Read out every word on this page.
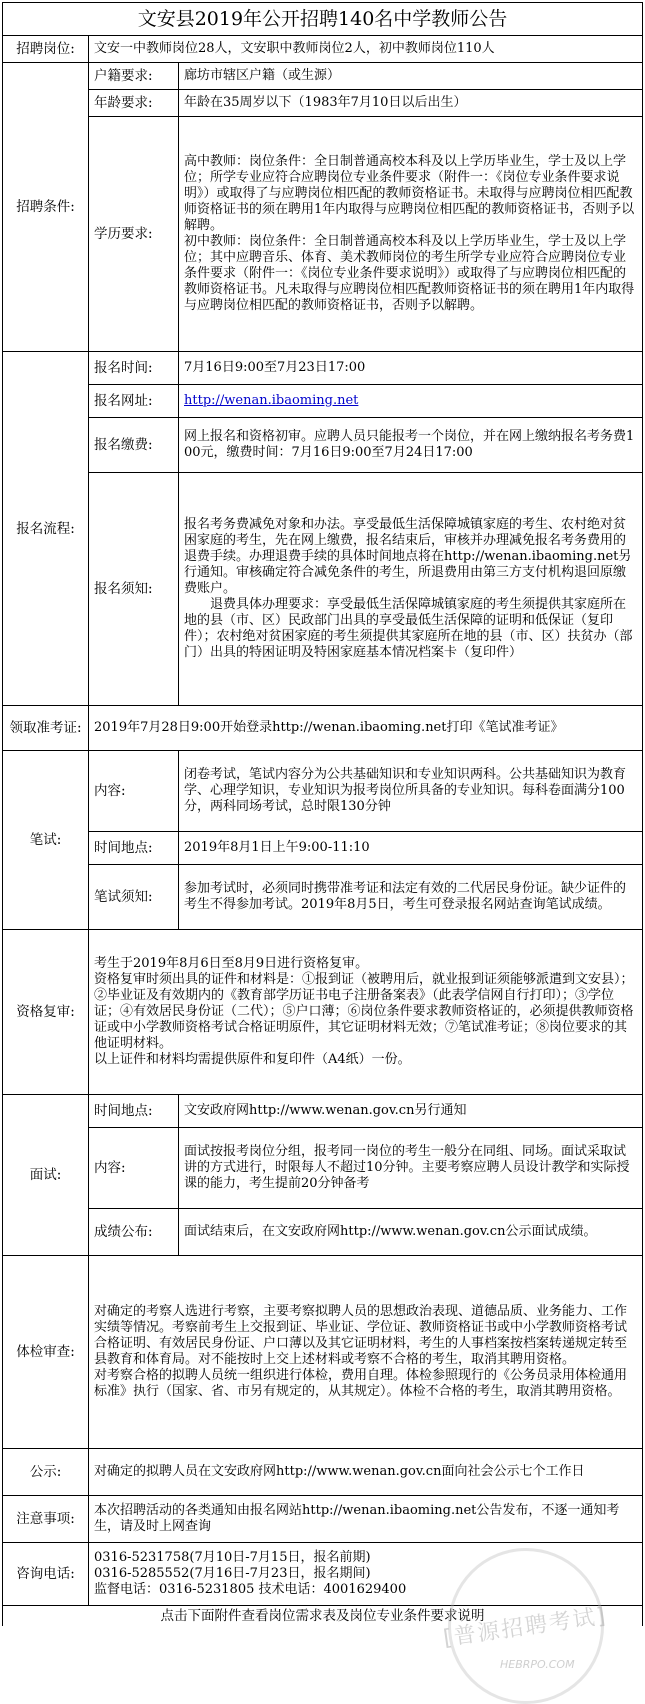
文安县2019年公开招聘140名中学教师公告		
招聘岗位:	文安一中教师岗位28人，文安职中教师岗位2人，初中教师岗位110人	
招聘条件:	户籍要求:	廊坊市辖区户籍（或生源）
	年龄要求:	年龄在35周岁以下（1983年7月10日以后出生）
	学历要求:	高中教师：岗位条件：全日制普通高校本科及以上学历毕业生，学士及以上学位；所学专业应符合应聘岗位专业条件要求（附件一：《岗位专业条件要求说明》）或取得了与应聘岗位相匹配的教师资格证书。未取得与应聘岗位相匹配教师资格证书的须在聘用1年内取得与应聘岗位相匹配的教师资格证书，否则予以解聘。
初中教师：岗位条件：全日制普通高校本科及以上学历毕业生，学士及以上学位；其中应聘音乐、体育、美术教师岗位的考生所学专业应符合应聘岗位专业条件要求（附件一：《岗位专业条件要求说明》）或取得了与应聘岗位相匹配的教师资格证书。凡未取得与应聘岗位相匹配教师资格证书的须在聘用1年内取得与应聘岗位相匹配的教师资格证书，否则予以解聘。

报名流程:	报名时间:	7月16日9:00至7月23日17:00
	报名网址:	http://wenan.ibaoming.net
	报名缴费:	网上报名和资格初审。应聘人员只能报考一个岗位，并在网上缴纳报名考务费100元，缴费时间：7月16日9:00至7月24日17:00
	报名须知:	报名考务费减免对象和办法。享受最低生活保障城镇家庭的考生、农村绝对贫困家庭的考生，先在网上缴费，报名结束后，审核并办理减免报名考务费用的退费手续。办理退费手续的具体时间地点将在http://wenan.ibaoming.net另行通知。审核确定符合减免条件的考生，所退费用由第三方支付机构退回原缴费账户。
退费具体办理要求：享受最低生活保障城镇家庭的考生须提供其家庭所在地的县（市、区）民政部门出具的享受最低生活保障的证明和低保证（复印件）；农村绝对贫困家庭的考生须提供其家庭所在地的县（市、区）扶贫办（部门）出具的特困证明及特困家庭基本情况档案卡（复印件）

领取准考证:	2019年7月28日9:00开始登录http://wenan.ibaoming.net打印《笔试准考证》	
笔试:	内容:	闭卷考试，笔试内容分为公共基础知识和专业知识两科。公共基础知识为教育学、心理学知识，专业知识为报考岗位所具备的专业知识。每科卷面满分100分，两科同场考试，总时限130分钟
	时间地点:	2019年8月1日上午9:00-11:10
	笔试须知:	参加考试时，必须同时携带准考证和法定有效的二代居民身份证。缺少证件的考生不得参加考试。2019年8月5日，考生可登录报名网站查询笔试成绩。
资格复审:	考生于2019年8月6日至8月9日进行资格复审。
资格复审时须出具的证件和材料是：①报到证（被聘用后，就业报到证须能够派遣到文安县）；②毕业证及有效期内的《教育部学历证书电子注册备案表》（此表学信网自行打印）；③学位证；④有效居民身份证（二代）；⑤户口薄；⑥岗位条件要求教师资格证的，必须提供教师资格证或中小学教师资格考试合格证明原件，其它证明材料无效；⑦笔试准考证；⑧岗位要求的其他证明材料。
以上证件和材料均需提供原件和复印件（A4纸）一份。	

面试:	时间地点:	文安政府网http://www.wenan.gov.cn另行通知
	内容:	面试按报考岗位分组，报考同一岗位的考生一般分在同组、同场。面试采取试讲的方式进行，时限每人不超过10分钟。主要考察应聘人员设计教学和实际授课的能力，考生提前20分钟备考
	成绩公布:	面试结束后，在文安政府网http://www.wenan.gov.cn公示面试成绩。
体检审查:	对确定的考察人选进行考察，主要考察拟聘人员的思想政治表现、道德品质、业务能力、工作实绩等情况。考察前考生上交报到证、毕业证、学位证、教师资格证书或中小学教师资格考试合格证明、有效居民身份证、户口薄以及其它证明材料，考生的人事档案按档案转递规定转至县教育和体育局。对不能按时上交上述材料或考察不合格的考生，取消其聘用资格。
对考察合格的拟聘人员统一组织进行体检，费用自理。体检参照现行的《公务员录用体检通用标准》执行（国家、省、市另有规定的，从其规定）。体检不合格的考生，取消其聘用资格。	

公示:	对确定的拟聘人员在文安政府网http://www.wenan.gov.cn面向社会公示七个工作日	
注意事项:	本次招聘活动的各类通知由报名网站http://wenan.ibaoming.net公告发布，不逐一通知考生，请及时上网查询	
咨询电话:	0316-5231758(7月10日-7月15日，报名前期)
0316-5285552(7月16日-7月23日，报名期间)
监督电话：0316-5231805 技术电话：4001629400	

点击下面附件查看岗位需求表及岗位专业条件要求说明		
[普源招聘考试]
HEBRPO.COM
